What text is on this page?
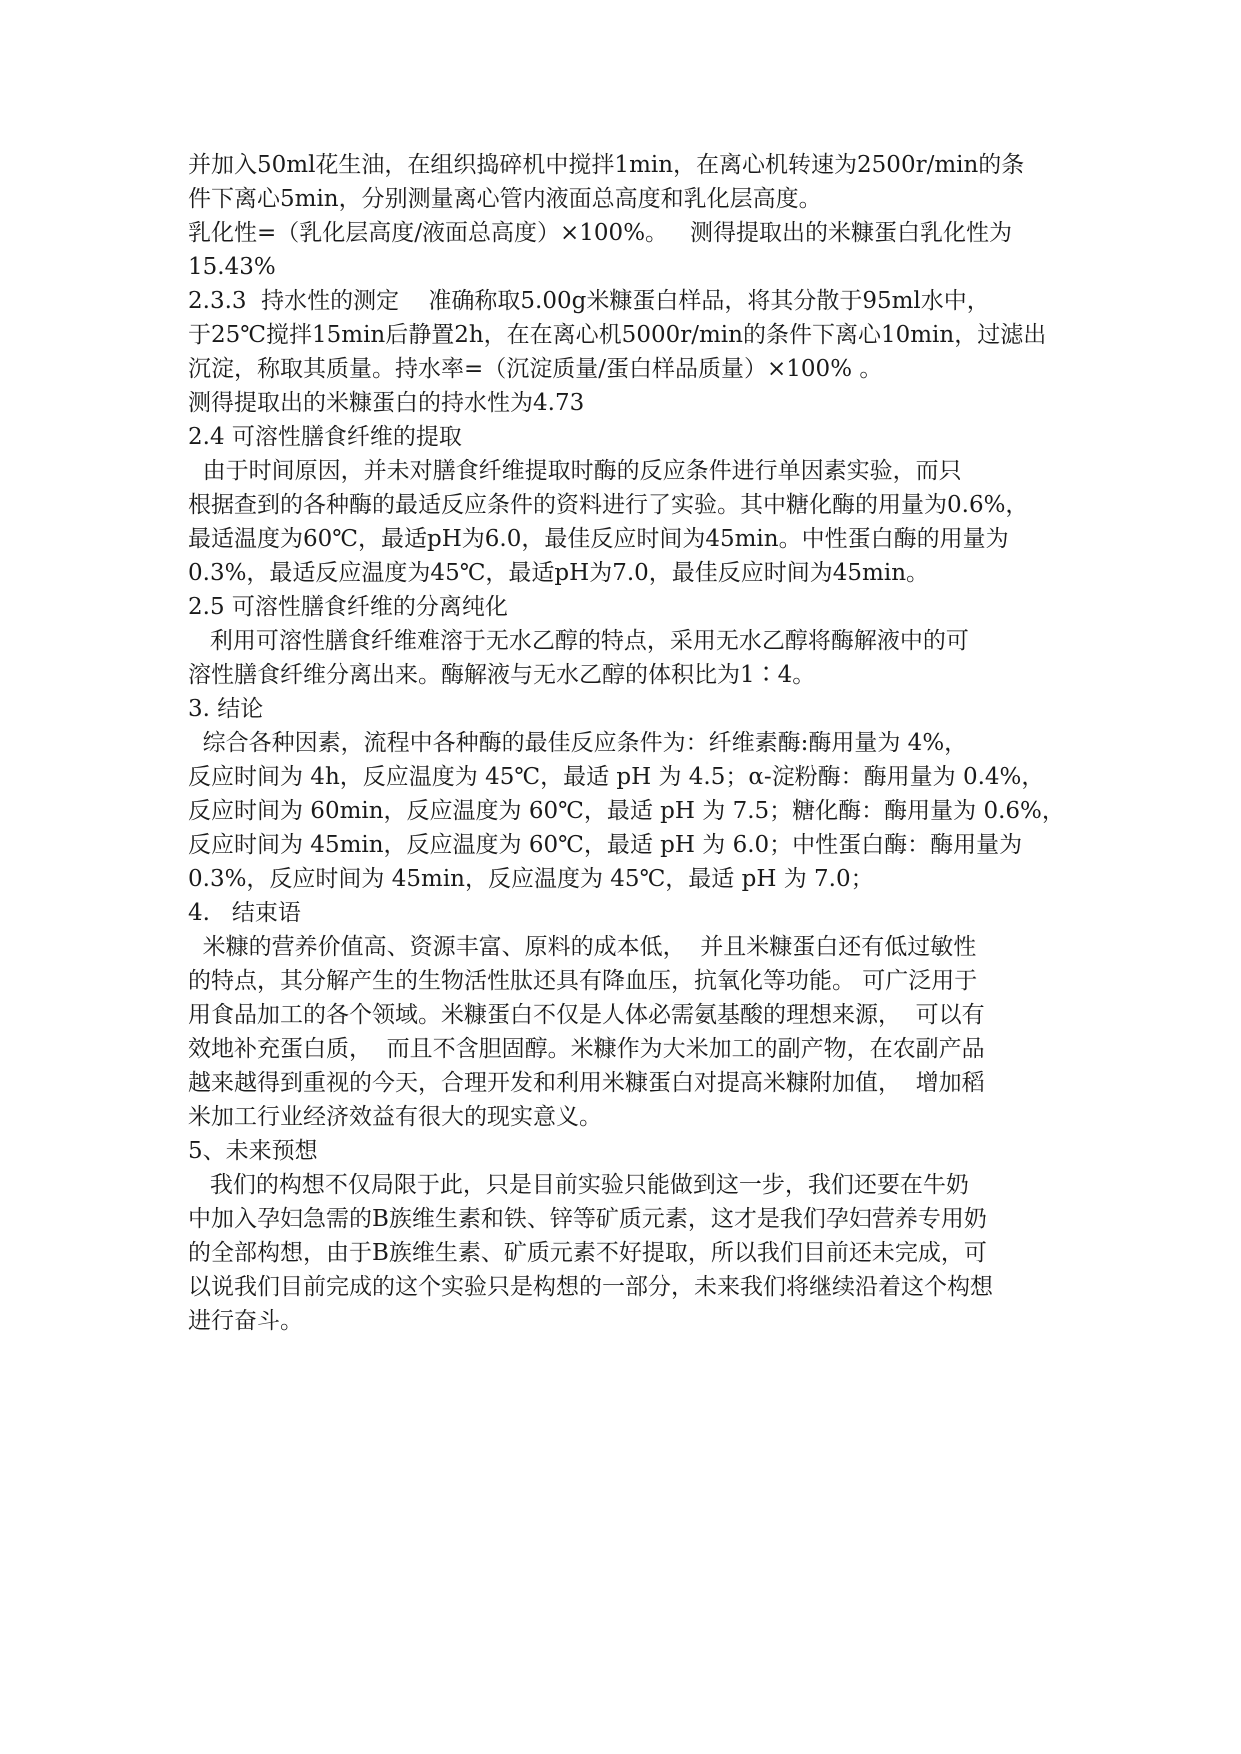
并加入50ml花生油，在组织捣碎机中搅拌1min，在离心机转速为2500r/min的条
件下离心5min，分别测量离心管内液面总高度和乳化层高度。
乳化性=（乳化层高度/液面总高度）×100%。   测得提取出的米糠蛋白乳化性为
15.43%
2.3.3  持水性的测定    准确称取5.00g米糠蛋白样品，将其分散于95ml水中，
于25℃搅拌15min后静置2h，在在离心机5000r/min的条件下离心10min，过滤出
沉淀，称取其质量。持水率=（沉淀质量/蛋白样品质量）×100% 。
测得提取出的米糠蛋白的持水性为4.73
2.4 可溶性膳食纤维的提取
由于时间原因，并未对膳食纤维提取时酶的反应条件进行单因素实验，而只
根据查到的各种酶的最适反应条件的资料进行了实验。其中糖化酶的用量为0.6%，
最适温度为60℃，最适pH为6.0，最佳反应时间为45min。中性蛋白酶的用量为
0.3%，最适反应温度为45℃，最适pH为7.0，最佳反应时间为45min。
2.5 可溶性膳食纤维的分离纯化
利用可溶性膳食纤维难溶于无水乙醇的特点，采用无水乙醇将酶解液中的可
溶性膳食纤维分离出来。酶解液与无水乙醇的体积比为1∶4。
3. 结论
综合各种因素，流程中各种酶的最佳反应条件为：纤维素酶:酶用量为 4%，
反应时间为 4h，反应温度为 45℃，最适 pH 为 4.5；α-淀粉酶：酶用量为 0.4%，
反应时间为 60min，反应温度为 60℃，最适 pH 为 7.5；糖化酶：酶用量为 0.6%，
反应时间为 45min，反应温度为 60℃，最适 pH 为 6.0；中性蛋白酶：酶用量为
0.3%，反应时间为 45min，反应温度为 45℃，最适 pH 为 7.0；
4.   结束语
米糠的营养价值高、资源丰富、原料的成本低，  并且米糠蛋白还有低过敏性
的特点，其分解产生的生物活性肽还具有降血压，抗氧化等功能。 可广泛用于
用食品加工的各个领域。米糠蛋白不仅是人体必需氨基酸的理想来源，  可以有
效地补充蛋白质，  而且不含胆固醇。米糠作为大米加工的副产物，在农副产品
越来越得到重视的今天，合理开发和利用米糠蛋白对提高米糠附加值，  增加稻
米加工行业经济效益有很大的现实意义。
5、未来预想
我们的构想不仅局限于此，只是目前实验只能做到这一步，我们还要在牛奶
中加入孕妇急需的B族维生素和铁、锌等矿质元素，这才是我们孕妇营养专用奶
的全部构想，由于B族维生素、矿质元素不好提取，所以我们目前还未完成，可
以说我们目前完成的这个实验只是构想的一部分，未来我们将继续沿着这个构想
进行奋斗。
